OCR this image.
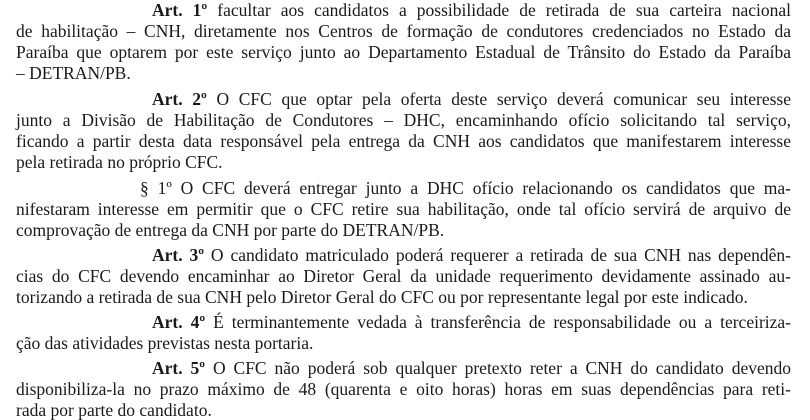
Art. 1º facultar aos candidatos a possibilidade de retirada de sua carteira nacional
de habilitação – CNH, diretamente nos Centros de formação de condutores credenciados no Estado da
Paraíba que optarem por este serviço junto ao Departamento Estadual de Trânsito do Estado da Paraíba
– DETRAN/PB.
Art. 2º O CFC que optar pela oferta deste serviço deverá comunicar seu interesse
junto a Divisão de Habilitação de Condutores – DHC, encaminhando ofício solicitando tal serviço,
ficando a partir desta data responsável pela entrega da CNH aos candidatos que manifestarem interesse
pela retirada no próprio CFC.
§ 1º O CFC deverá entregar junto a DHC ofício relacionando os candidatos que ma-
nifestaram interesse em permitir que o CFC retire sua habilitação, onde tal ofício servirá de arquivo de
comprovação de entrega da CNH por parte do DETRAN/PB.
Art. 3º O candidato matriculado poderá requerer a retirada de sua CNH nas dependên-
cias do CFC devendo encaminhar ao Diretor Geral da unidade requerimento devidamente assinado au-
torizando a retirada de sua CNH pelo Diretor Geral do CFC ou por representante legal por este indicado.
Art. 4º É terminantemente vedada à transferência de responsabilidade ou a terceiriza-
ção das atividades previstas nesta portaria.
Art. 5º O CFC não poderá sob qualquer pretexto reter a CNH do candidato devendo
disponibiliza-la no prazo máximo de 48 (quarenta e oito horas) horas em suas dependências para reti-
rada por parte do candidato.
